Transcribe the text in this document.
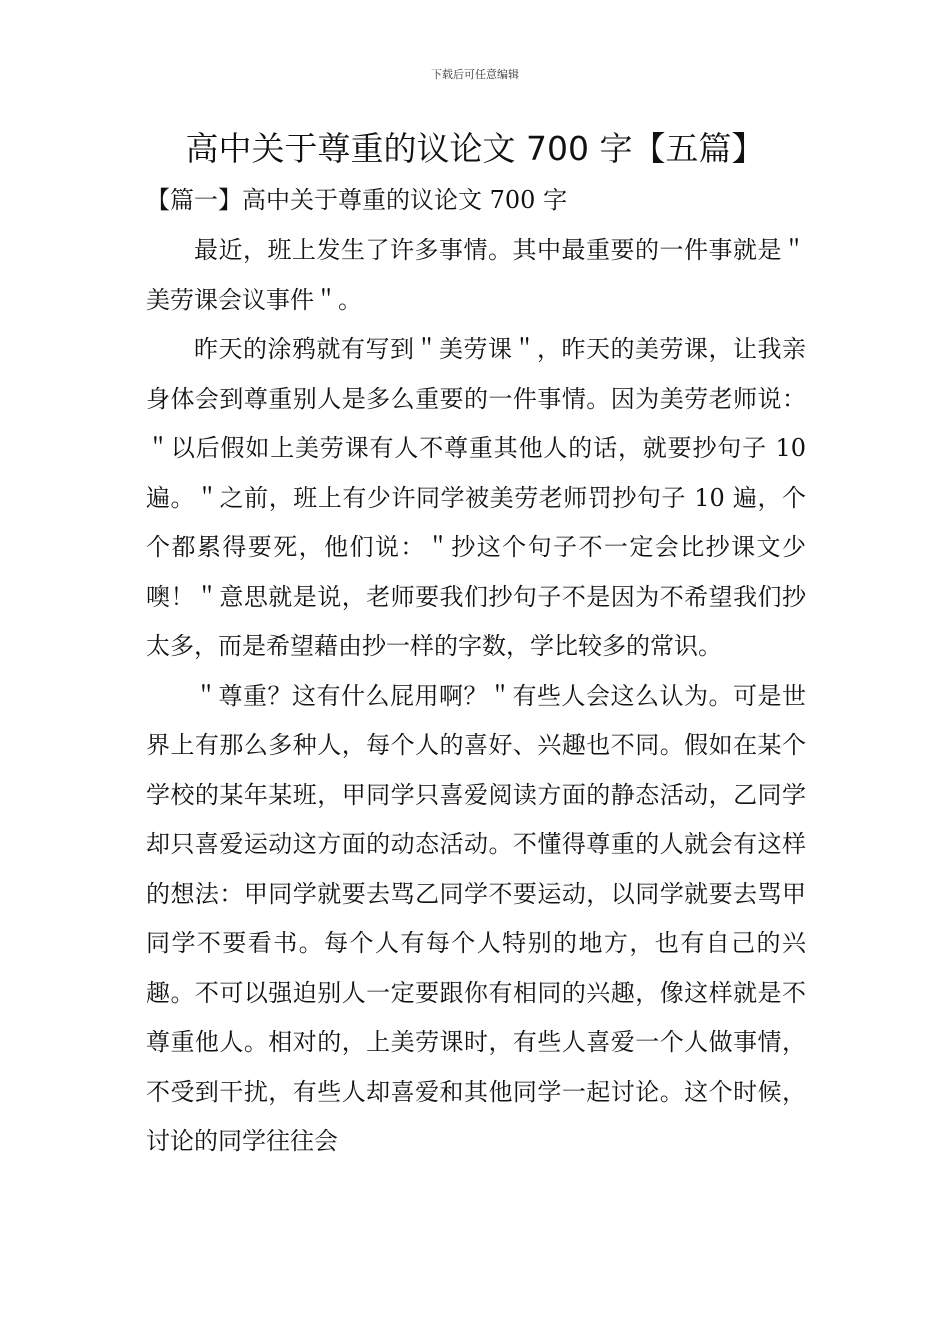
下载后可任意编辑
高中关于尊重的议论文 700 字【五篇】
【篇一】高中关于尊重的议论文 700 字

最近，班上发生了许多事情。其中最重要的一件事就是＂美劳课会议事件＂。

昨天的涂鸦就有写到＂美劳课＂，昨天的美劳课，让我亲身体会到尊重别人是多么重要的一件事情。因为美劳老师说：＂以后假如上美劳课有人不尊重其他人的话，就要抄句子 10 遍。＂之前，班上有少许同学被美劳老师罚抄句子 10 遍，个个都累得要死，他们说：＂抄这个句子不一定会比抄课文少噢！＂意思就是说，老师要我们抄句子不是因为不希望我们抄太多，而是希望藉由抄一样的字数，学比较多的常识。

＂尊重？这有什么屁用啊？＂有些人会这么认为。可是世界上有那么多种人，每个人的喜好、兴趣也不同。假如在某个学校的某年某班，甲同学只喜爱阅读方面的静态活动，乙同学却只喜爱运动这方面的动态活动。不懂得尊重的人就会有这样的想法：甲同学就要去骂乙同学不要运动，以同学就要去骂甲同学不要看书。每个人有每个人特别的地方，也有自己的兴趣。不可以强迫别人一定要跟你有相同的兴趣，像这样就是不尊重他人。相对的，上美劳课时，有些人喜爱一个人做事情，不受到干扰，有些人却喜爱和其他同学一起讨论。这个时候，讨论的同学往往会
